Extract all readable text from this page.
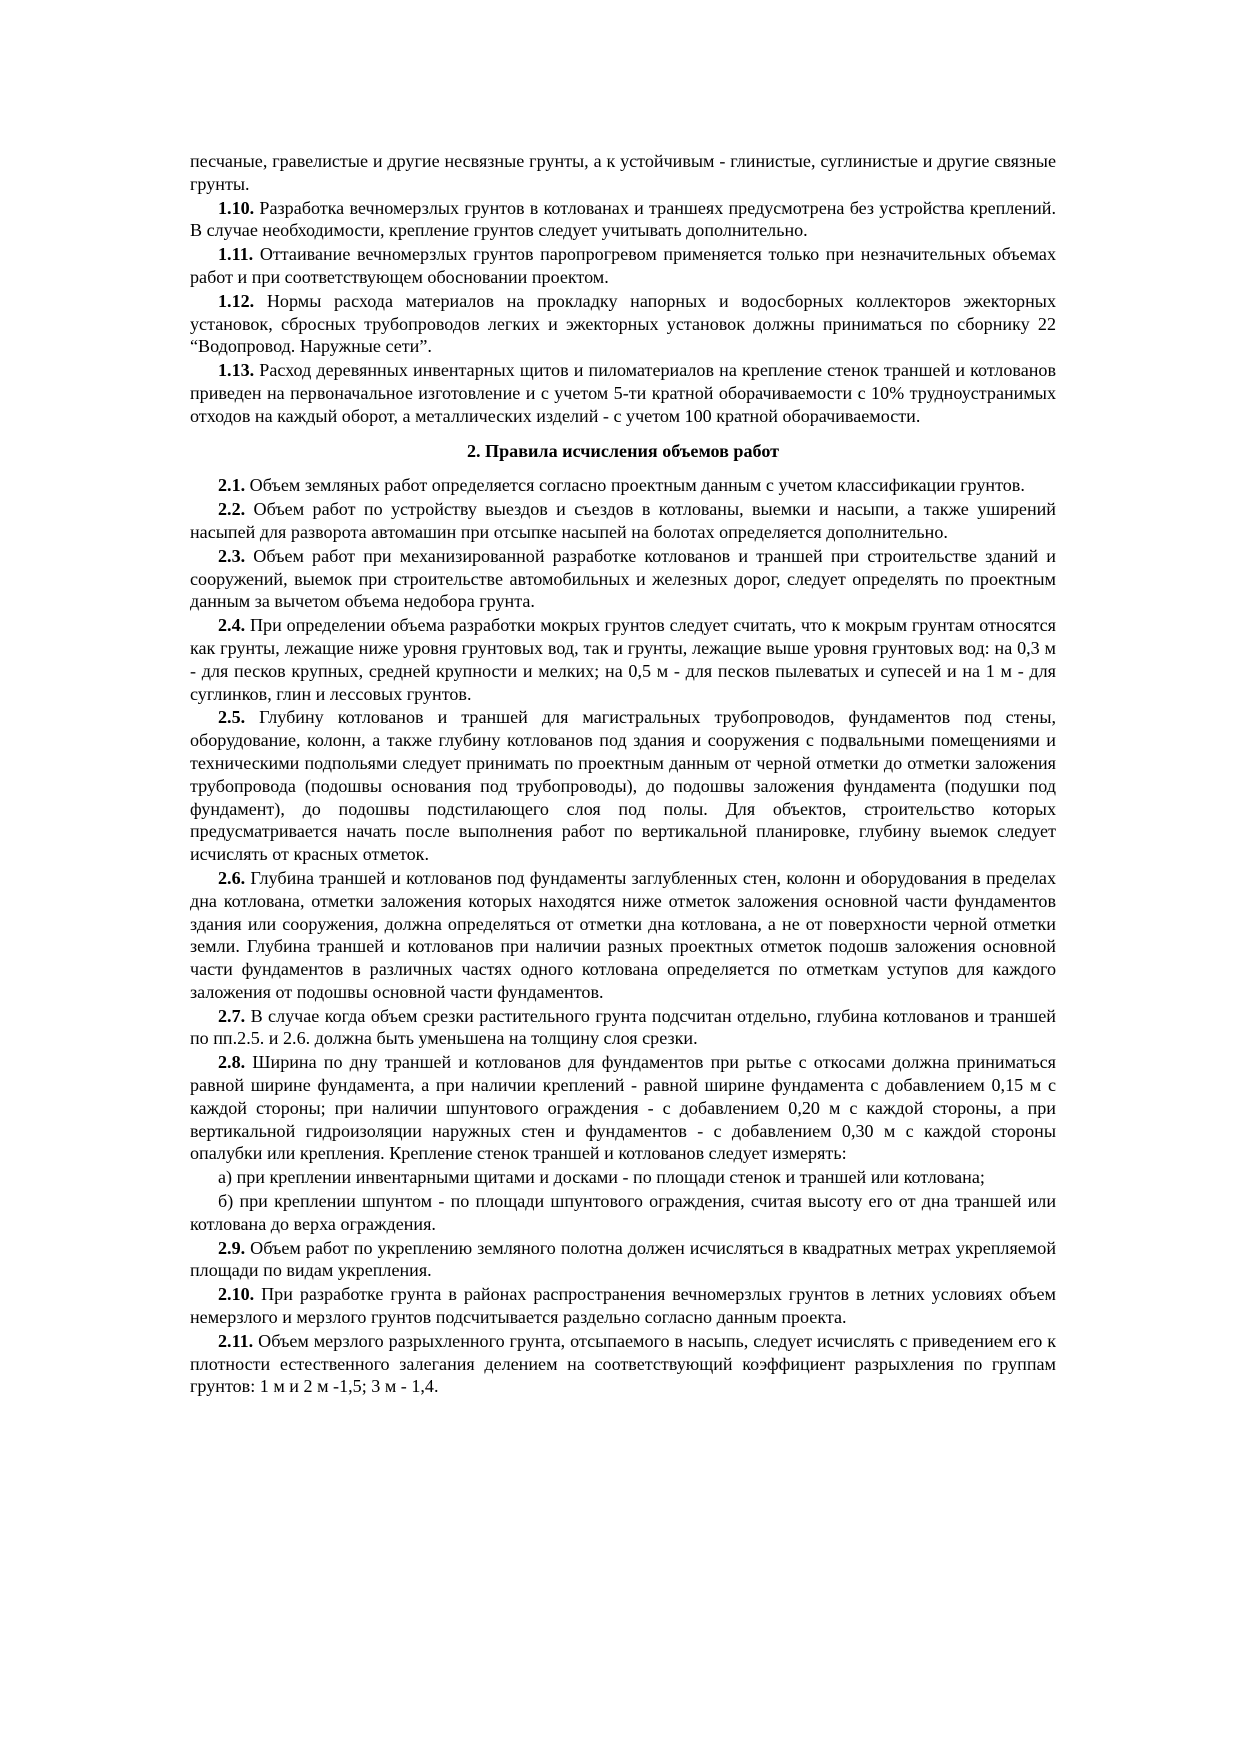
песчаные, гравелистые и другие несвязные грунты, а к устойчивым - глинистые, суглинистые и другие связные грунты.

1.10. Разработка вечномерзлых грунтов в котлованах и траншеях предусмотрена без устройства креплений. В случае необходимости, крепление грунтов следует учитывать дополнительно.

1.11. Оттаивание вечномерзлых грунтов паропрогревом применяется только при незначительных объемах работ и при соответствующем обосновании проектом.

1.12. Нормы расхода материалов на прокладку напорных и водосборных коллекторов эжекторных установок, сбросных трубопроводов легких и эжекторных установок должны приниматься по сборнику 22 “Водопровод. Наружные сети”.

1.13. Расход деревянных инвентарных щитов и пиломатериалов на крепление стенок траншей и котлованов приведен на первоначальное изготовление и с учетом 5-ти кратной оборачиваемости с 10% трудноустранимых отходов на каждый оборот, а металлических изделий - с учетом 100 кратной оборачиваемости.

2. Правила исчисления объемов работ

2.1. Объем земляных работ определяется согласно проектным данным с учетом классификации грунтов.

2.2. Объем работ по устройству выездов и съездов в котлованы, выемки и насыпи, а также уширений насыпей для разворота автомашин при отсыпке насыпей на болотах определяется дополнительно.

2.3. Объем работ при механизированной разработке котлованов и траншей при строительстве зданий и сооружений, выемок при строительстве автомобильных и железных дорог, следует определять по проектным данным за вычетом объема недобора грунта.

2.4. При определении объема разработки мокрых грунтов следует считать, что к мокрым грунтам относятся как грунты, лежащие ниже уровня грунтовых вод, так и грунты, лежащие выше уровня грунтовых вод: на 0,3 м - для песков крупных, средней крупности и мелких; на 0,5 м - для песков пылеватых и супесей и на 1 м - для суглинков, глин и лессовых грунтов.

2.5. Глубину котлованов и траншей для магистральных трубопроводов, фундаментов под стены, оборудование, колонн, а также глубину котлованов под здания и сооружения с подвальными помещениями и техническими подпольями следует принимать по проектным данным от черной отметки до отметки заложения трубопровода (подошвы основания под трубопроводы), до подошвы заложения фундамента (подушки под фундамент), до подошвы подстилающего слоя под полы. Для объектов, строительство которых предусматривается начать после выполнения работ по вертикальной планировке, глубину выемок следует исчислять от красных отметок.

2.6. Глубина траншей и котлованов под фундаменты заглубленных стен, колонн и оборудования в пределах дна котлована, отметки заложения которых находятся ниже отметок заложения основной части фундаментов здания или сооружения, должна определяться от отметки дна котлована, а не от поверхности черной отметки земли. Глубина траншей и котлованов при наличии разных проектных отметок подошв заложения основной части фундаментов в различных частях одного котлована определяется по отметкам уступов для каждого заложения от подошвы основной части фундаментов.

2.7. В случае когда объем срезки растительного грунта подсчитан отдельно, глубина котлованов и траншей по пп.2.5. и 2.6. должна быть уменьшена на толщину слоя срезки.

2.8. Ширина по дну траншей и котлованов для фундаментов при рытье с откосами должна приниматься равной ширине фундамента, а при наличии креплений - равной ширине фундамента с добавлением 0,15 м с каждой стороны; при наличии шпунтового ограждения - с добавлением 0,20 м с каждой стороны, а при вертикальной гидроизоляции наружных стен и фундаментов - с добавлением 0,30 м с каждой стороны опалубки или крепления. Крепление стенок траншей и котлованов следует измерять:

а) при креплении инвентарными щитами и досками - по площади стенок и траншей или котлована;

б) при креплении шпунтом - по площади шпунтового ограждения, считая высоту его от дна траншей или котлована до верха ограждения.

2.9. Объем работ по укреплению земляного полотна должен исчисляться в квадратных метрах укрепляемой площади по видам укрепления.

2.10. При разработке грунта в районах распространения вечномерзлых грунтов в летних условиях объем немерзлого и мерзлого грунтов подсчитывается раздельно согласно данным проекта.

2.11. Объем мерзлого разрыхленного грунта, отсыпаемого в насыпь, следует исчислять с приведением его к плотности естественного залегания делением на соответствующий коэффициент разрыхления по группам грунтов: 1 м и 2 м -1,5; 3 м - 1,4.
